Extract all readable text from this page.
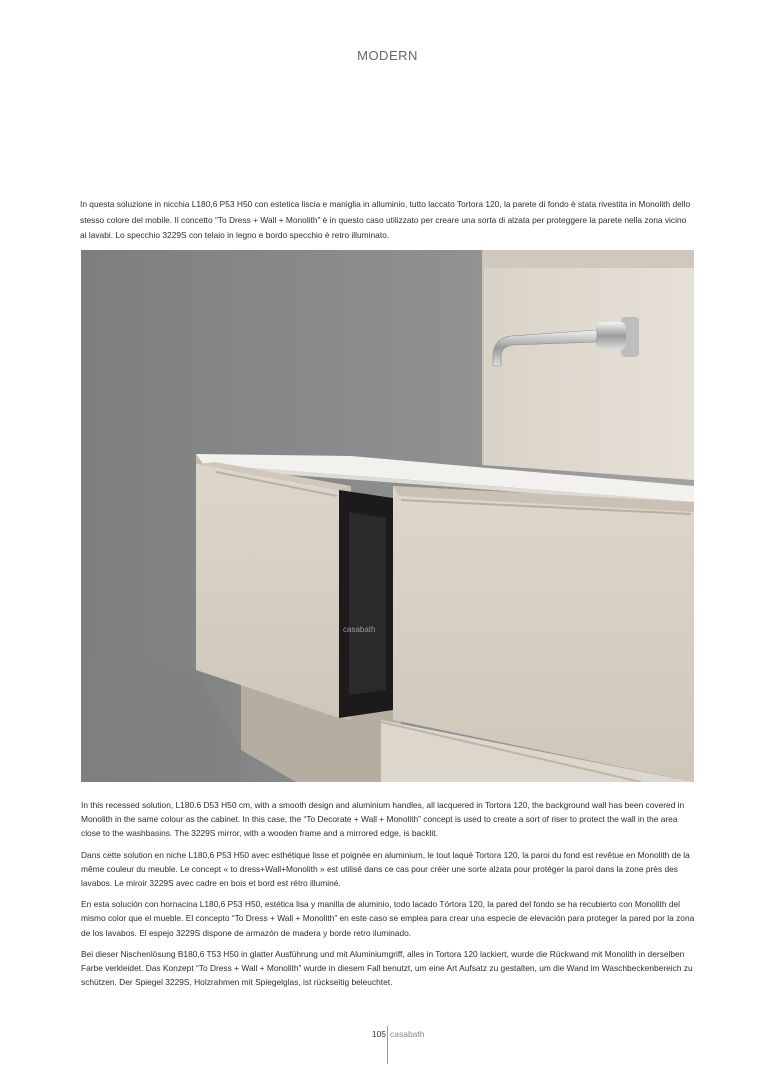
MODERN
In questa soluzione in nicchia L180,6 P53 H50 con estetica liscia e maniglia in alluminio, tutto laccato Tortora 120, la parete di fondo è stata rivestita in Monolith dello stesso colore del mobile. Il concetto “To Dress + Wall + Monolith” è in questo caso utilizzato per creare una sorta di alzata per proteggere la parete nella zona vicino ai lavabi. Lo specchio 3229S con telaio in legno e bordo specchio è retro illuminato.
casabath

In this recessed solution, L180.6 D53 H50 cm, with a smooth design and aluminium handles, all lacquered in Tortora 120, the background wall has been covered in Monolith in the same colour as the cabinet. In this case, the “To Decorate + Wall + Monolith” concept is used to create a sort of riser to protect the wall in the area close to the washbasins. The 3229S mirror, with a wooden frame and a mirrored edge, is backlit.

Dans cette solution en niche L180,6 P53 H50 avec esthétique lisse et poignée en aluminium, le tout laqué Tortora 120, la paroi du fond est revêtue en Monolith de la même couleur du meuble. Le concept « to dress+Wall+Monolith » est utilisé dans ce cas pour créer une sorte alzata pour protéger la paroi dans la zone près des lavabos. Le miroir 3229S avec cadre en bois et bord est rétro illuminé.

En esta solución con hornacina L180,6 P53 H50, estética lisa y manilla de aluminio, todo lacado Tórtora 120, la pared del fondo se ha recubierto con Monolith del mismo color que el mueble. El concepto “To Dress + Wall + Monolith” en este caso se emplea para crear una especie de elevación para proteger la pared por la zona de los lavabos. El espejo 3229S dispone de armazón de madera y borde retro iluminado.

Bei dieser Nischenlösung B180,6 T53 H50 in glatter Ausführung und mit Aluminiumgriff, alles in Tortora 120 lackiert, wurde die Rückwand mit Monolith in derselben Farbe verkleidet. Das Konzept “To Dress + Wall + Monolith” wurde in diesem Fall benutzt, um eine Art Aufsatz zu gestalten, um die Wand im Waschbeckenbereich zu schützen. Der Spiegel 3229S, Holzrahmen mit Spiegelglas, ist rückseitig beleuchtet.

105 casabath
